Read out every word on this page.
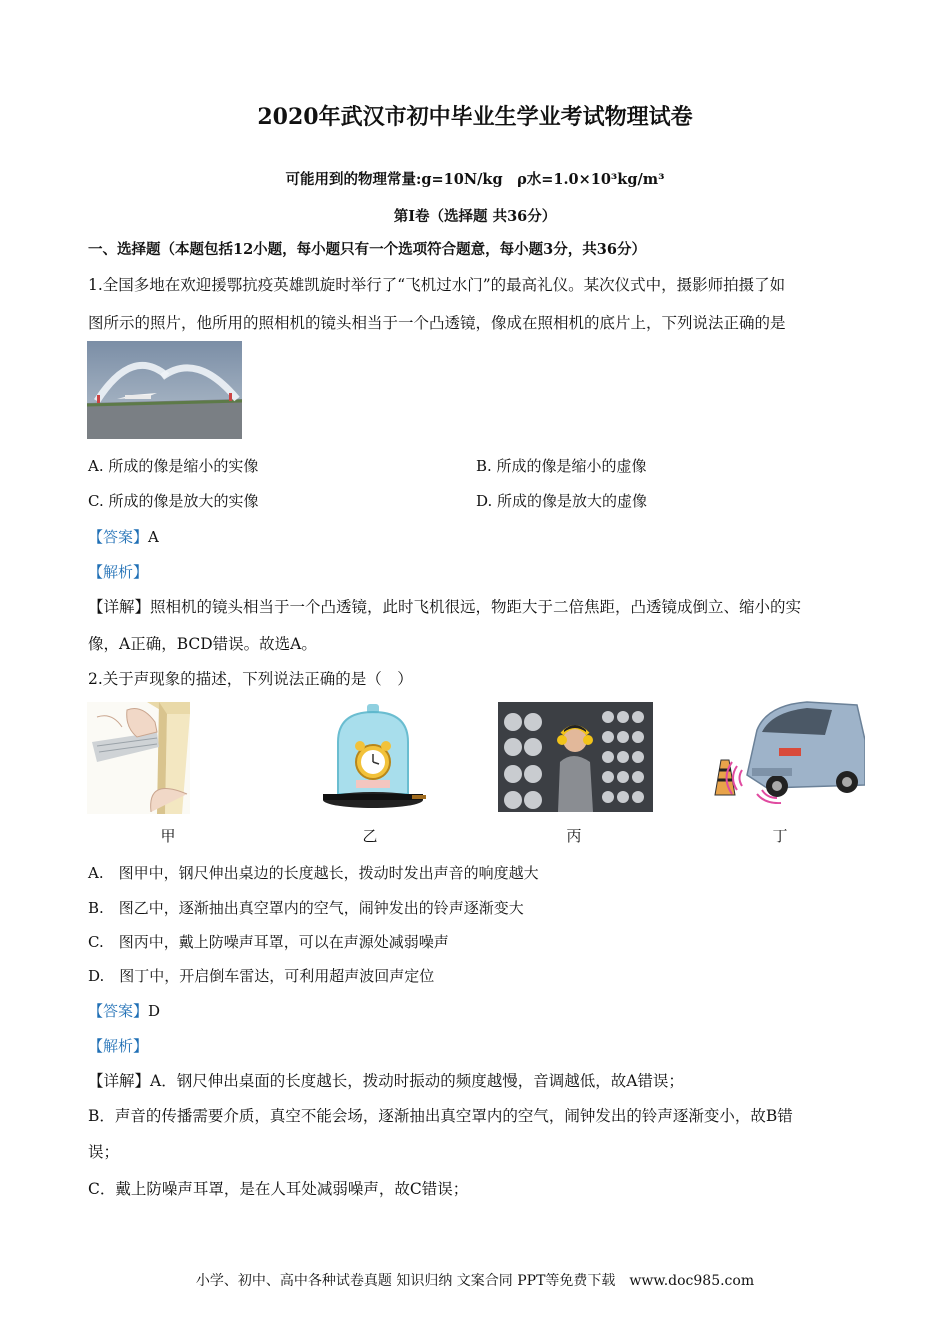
2020年武汉市初中毕业生学业考试物理试卷
可能用到的物理常量:g=10N/kg　ρ水=1.0×10³kg/m³
第Ⅰ卷（选择题 共36分）
一、选择题（本题包括12小题，每小题只有一个选项符合题意，每小题3分，共36分）
1.全国多地在欢迎援鄂抗疫英雄凯旋时举行了“飞机过水门”的最高礼仪。某次仪式中，摄影师拍摄了如
图所示的照片，他所用的照相机的镜头相当于一个凸透镜，像成在照相机的底片上，下列说法正确的是
A. 所成的像是缩小的实像	B. 所成的像是缩小的虚像
C. 所成的像是放大的实像	D. 所成的像是放大的虚像
【答案】A
【解析】
【详解】照相机的镜头相当于一个凸透镜，此时飞机很远，物距大于二倍焦距，凸透镜成倒立、缩小的实
像，A正确，BCD错误。故选A。
2.关于声现象的描述，下列说法正确的是（　）
甲	乙	丙	丁
A.　图甲中，钢尺伸出桌边的长度越长，拨动时发出声音的响度越大
B.　图乙中，逐渐抽出真空罩内的空气，闹钟发出的铃声逐渐变大
C.　图丙中，戴上防噪声耳罩，可以在声源处减弱噪声
D.　图丁中，开启倒车雷达，可利用超声波回声定位
【答案】D
【解析】
【详解】A．钢尺伸出桌面的长度越长，拨动时振动的频度越慢，音调越低，故A错误；
B．声音的传播需要介质，真空不能会场，逐渐抽出真空罩内的空气，闹钟发出的铃声逐渐变小，故B错
误；
C．戴上防噪声耳罩，是在人耳处减弱噪声，故C错误；
小学、初中、高中各种试卷真题 知识归纳 文案合同 PPT等免费下载　www.doc985.com
